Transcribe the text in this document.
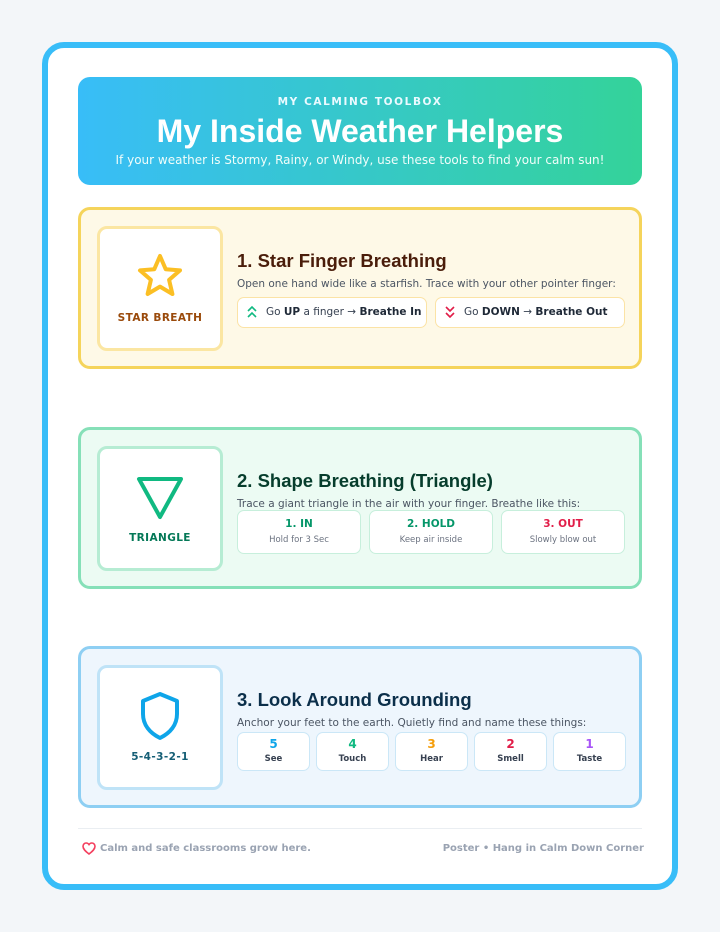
MY CALMING TOOLBOX
My Inside Weather Helpers
If your weather is Stormy, Rainy, or Windy, use these tools to find your calm sun!
STAR BREATH
1. Star Finger Breathing
Open one hand wide like a starfish. Trace with your other pointer finger:
Go UP a finger → Breathe In	Go DOWN → Breathe Out
TRIANGLE
2. Shape Breathing (Triangle)
Trace a giant triangle in the air with your finger. Breathe like this:
1. IN
Hold for 3 Sec
2. HOLD
Keep air inside
3. OUT
Slowly blow out
5-4-3-2-1
3. Look Around Grounding
Anchor your feet to the earth. Quietly find and name these things:
5
See
4
Touch
3
Hear
2
Smell
1
Taste
Calm and safe classrooms grow here.	Poster • Hang in Calm Down Corner
